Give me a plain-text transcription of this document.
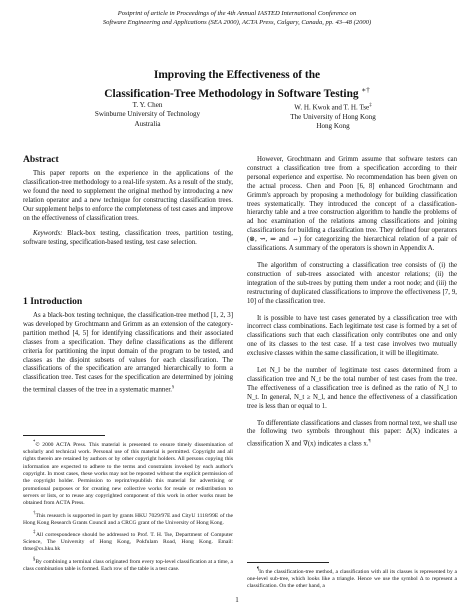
Postprint of article in Proceedings of the 4th Annual IASTED International Conference on

Software Engineering and Applications (SEA 2000), ACTA Press, Calgary, Canada, pp. 43–48 (2000)

Improving the Effectiveness of the
Classification-Tree Methodology in Software Testing ∗†
T. Y. Chen
Swinburne University of Technology
Australia
W. H. Kwok and T. H. Tse‡
The University of Hong Kong
Hong Kong
Abstract

This paper reports on the experience in the applications of the classification-tree methodology to a real-life system. As a result of the study, we found the need to supplement the original method by introducing a new relation operator and a new technique for constructing classification trees. Our supplement helps to enforce the completeness of test cases and improve on the effectiveness of classification trees.

Keywords: Black-box testing, classification trees, partition testing, software testing, specification-based testing, test case selection.

1 Introduction

As a black-box testing technique, the classification-tree method [1, 2, 3] was developed by Grochtmann and Grimm as an extension of the category-partition method [4, 5] for identifying classifications and their associated classes from a specification. They define classifications as the different criteria for partitioning the input domain of the program to be tested, and classes as the disjoint subsets of values for each classification. The classifications of the specification are arranged hierarchically to form a classification tree. Test cases for the specification are determined by joining the terminal classes of the tree in a systematic manner.§

*© 2000 ACTA Press. This material is presented to ensure timely dissemination of scholarly and technical work. Personal use of this material is permitted. Copyright and all rights therein are retained by authors or by other copyright holders. All persons copying this information are expected to adhere to the terms and constraints invoked by each author's copyright. In most cases, these works may not be reposted without the explicit permission of the copyright holder. Permission to reprint/republish this material for advertising or promotional purposes or for creating new collective works for resale or redistribution to servers or lists, or to reuse any copyrighted component of this work in other works must be obtained from ACTA Press.

†This research is supported in part by grants HKU 7029/97E and CityU 1118/99E of the Hong Kong Research Grants Council and a CRCG grant of the University of Hong Kong.

‡All correspondence should be addressed to Prof. T. H. Tse, Department of Computer Science, The University of Hong Kong, Pokfulam Road, Hong Kong. Email: thtse@cs.hku.hk

§By combining a terminal class originated from every top-level classification at a time, a class combination table is formed. Each row of the table is a test case.

However, Grochtmann and Grimm assume that software testers can construct a classification tree from a specification according to their personal experience and expertise. No recommendation has been given on the actual process. Chen and Poon [6, 8] enhanced Grochtmann and Grimm's approach by proposing a methodology for building classification trees systematically. They introduced the concept of a classification-hierarchy table and a tree construction algorithm to handle the problems of ad hoc examination of the relations among classifications and joining classifications for building a classification tree. They defined four operators (⊗, ⇝, ⇒ and ⇔) for categorizing the hierarchical relation of a pair of classifications. A summary of the operators is shown in Appendix A.

The algorithm of constructing a classification tree consists of (i) the construction of sub-trees associated with ancestor relations; (ii) the integration of the sub-trees by putting them under a root node; and (iii) the restructuring of duplicated classifications to improve the effectiveness [7, 9, 10] of the classification tree.

It is possible to have test cases generated by a classification tree with incorrect class combinations. Each legitimate test case is formed by a set of classifications such that each classification only contributes one and only one of its classes to the test case. If a test case involves two mutually exclusive classes within the same classification, it will be illegitimate.

Let N_l be the number of legitimate test cases determined from a classification tree and N_t be the total number of test cases from the tree. The effectiveness of a classification tree is defined as the ratio of N_l to N_t. In general, N_t ≥ N_l, and hence the effectiveness of a classification tree is less than or equal to 1.

To differentiate classifications and classes from normal text, we shall use the following two symbols throughout this paper: Δ(X) indicates a classification X and ∇(x) indicates a class x.¶

¶In the classification-tree method, a classification with all its classes is represented by a one-level sub-tree, which looks like a triangle. Hence we use the symbol Δ to represent a classification. On the other hand, a

1
